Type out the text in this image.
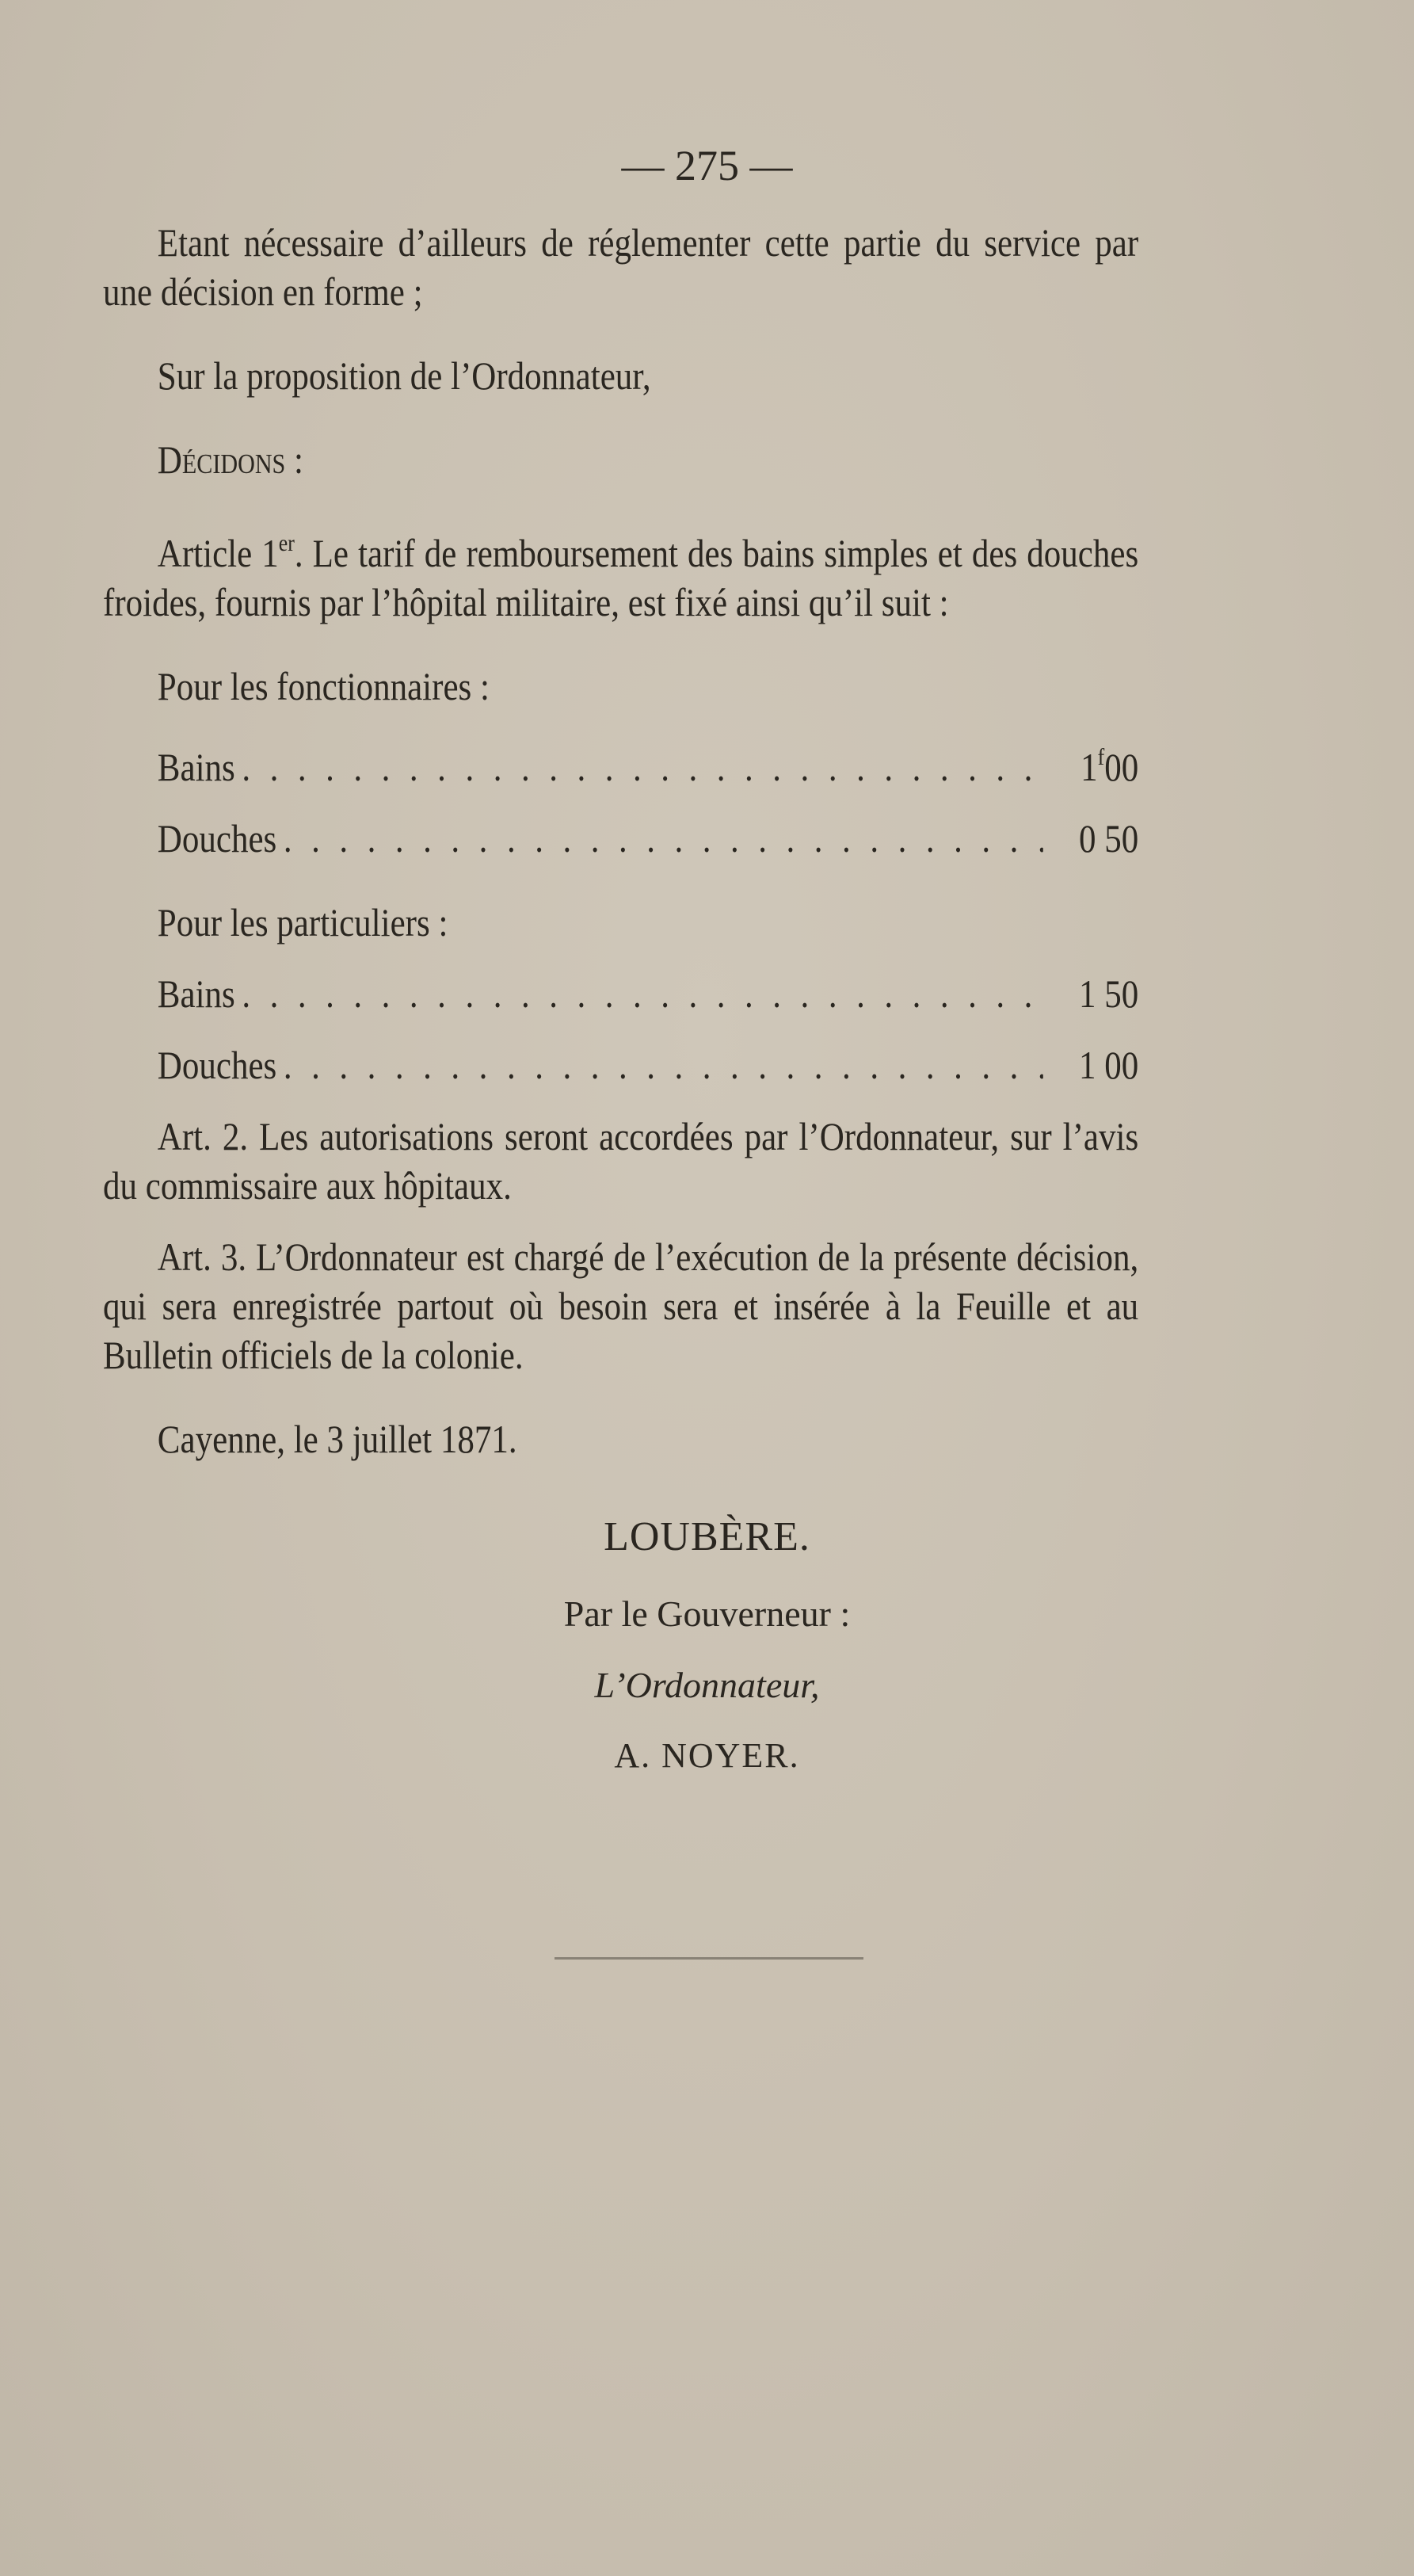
— 275 —

Etant nécessaire d’ailleurs de réglementer cette partie du service par une décision en forme ;

Sur la proposition de l’Ordonnateur,

Décidons :

Article 1er. Le tarif de remboursement des bains simples et des douches froides, fournis par l’hôpital militaire, est fixé ainsi qu’il suit :

Pour les fonctionnaires :

Bains . . .	1$^f$00
Douches . . .	0 50

Pour les particuliers :

Bains . . .	1 50
Douches . . .	1 00

Art. 2. Les autorisations seront accordées par l’Ordonnateur, sur l’avis du commissaire aux hôpitaux.

Art. 3. L’Ordonnateur est chargé de l’exécution de la présente décision, qui sera enregistrée partout où besoin sera et insérée à la Feuille et au Bulletin officiels de la colonie.

Cayenne, le 3 juillet 1871.

LOUBÈRE.
Par le Gouverneur :
L’Ordonnateur,
A. NOYER.
